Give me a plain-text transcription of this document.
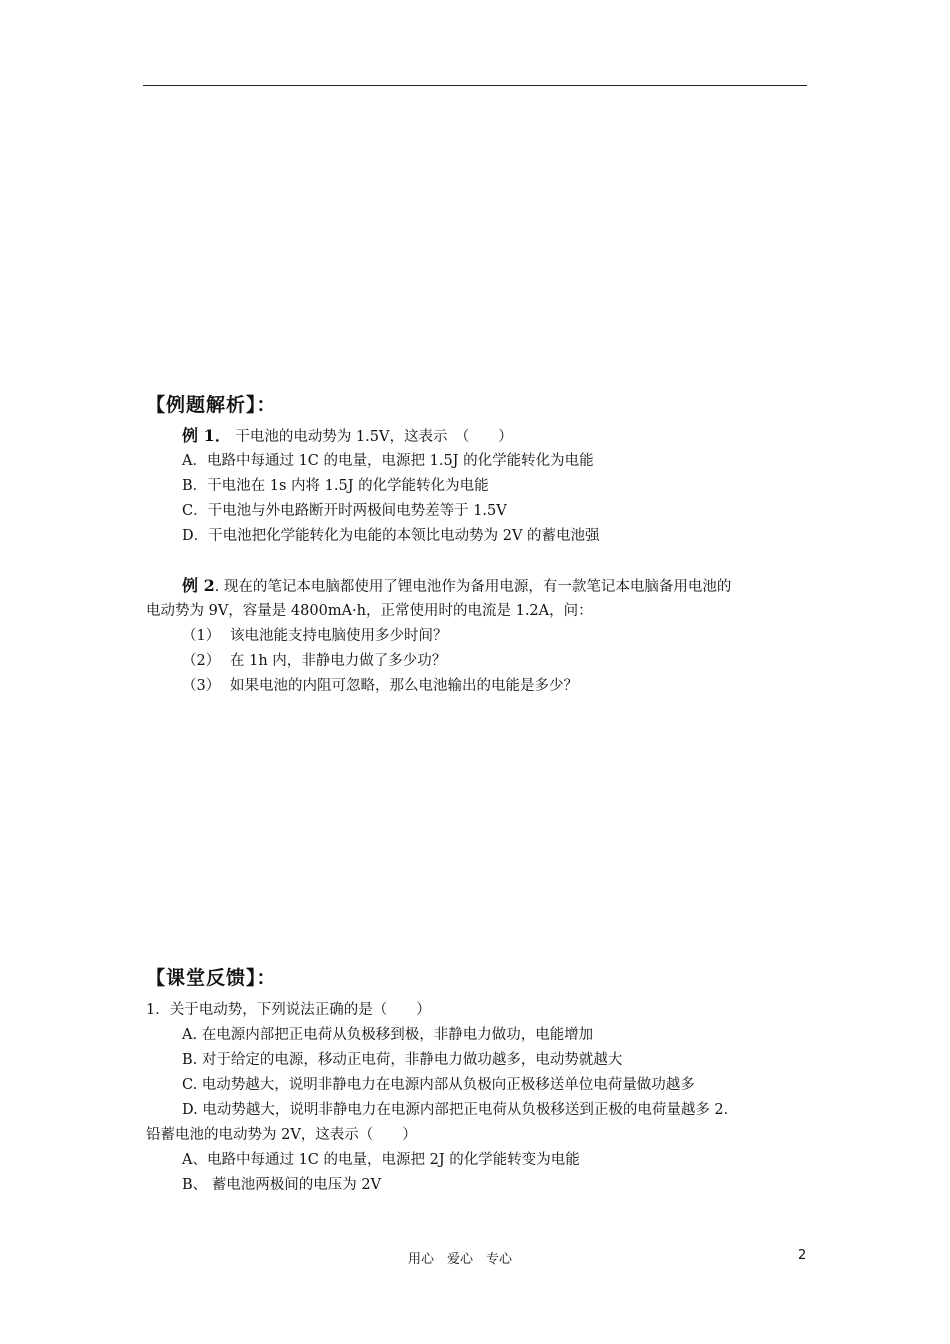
【例题解析】：
例 1． 干电池的电动势为 1.5V，这表示　（　　）
A．电路中每通过 1C 的电量，电源把 1.5J 的化学能转化为电能
B．干电池在 1s 内将 1.5J 的化学能转化为电能
C．干电池与外电路断开时两极间电势差等于 1.5V
D．干电池把化学能转化为电能的本领比电动势为 2V 的蓄电池强
例 2. 现在的笔记本电脑都使用了锂电池作为备用电源，有一款笔记本电脑备用电池的
电动势为 9V，容量是 4800mA·h，正常使用时的电流是 1.2A，问：
（1） 该电池能支持电脑使用多少时间？
（2） 在 1h 内，非静电力做了多少功？
（3） 如果电池的内阻可忽略，那么电池输出的电能是多少？
【课堂反馈】：
1．关于电动势，下列说法正确的是（　　）
A. 在电源内部把正电荷从负极移到极，非静电力做功，电能增加
B. 对于给定的电源，移动正电荷，非静电力做功越多，电动势就越大
C. 电动势越大，说明非静电力在电源内部从负极向正极移送单位电荷量做功越多
D. 电动势越大，说明非静电力在电源内部把正电荷从负极移送到正极的电荷量越多 2．
铅蓄电池的电动势为 2V，这表示（　　）
A、电路中每通过 1C 的电量，电源把 2J 的化学能转变为电能
B、 蓄电池两极间的电压为 2V
用心　爱心　专心	2
